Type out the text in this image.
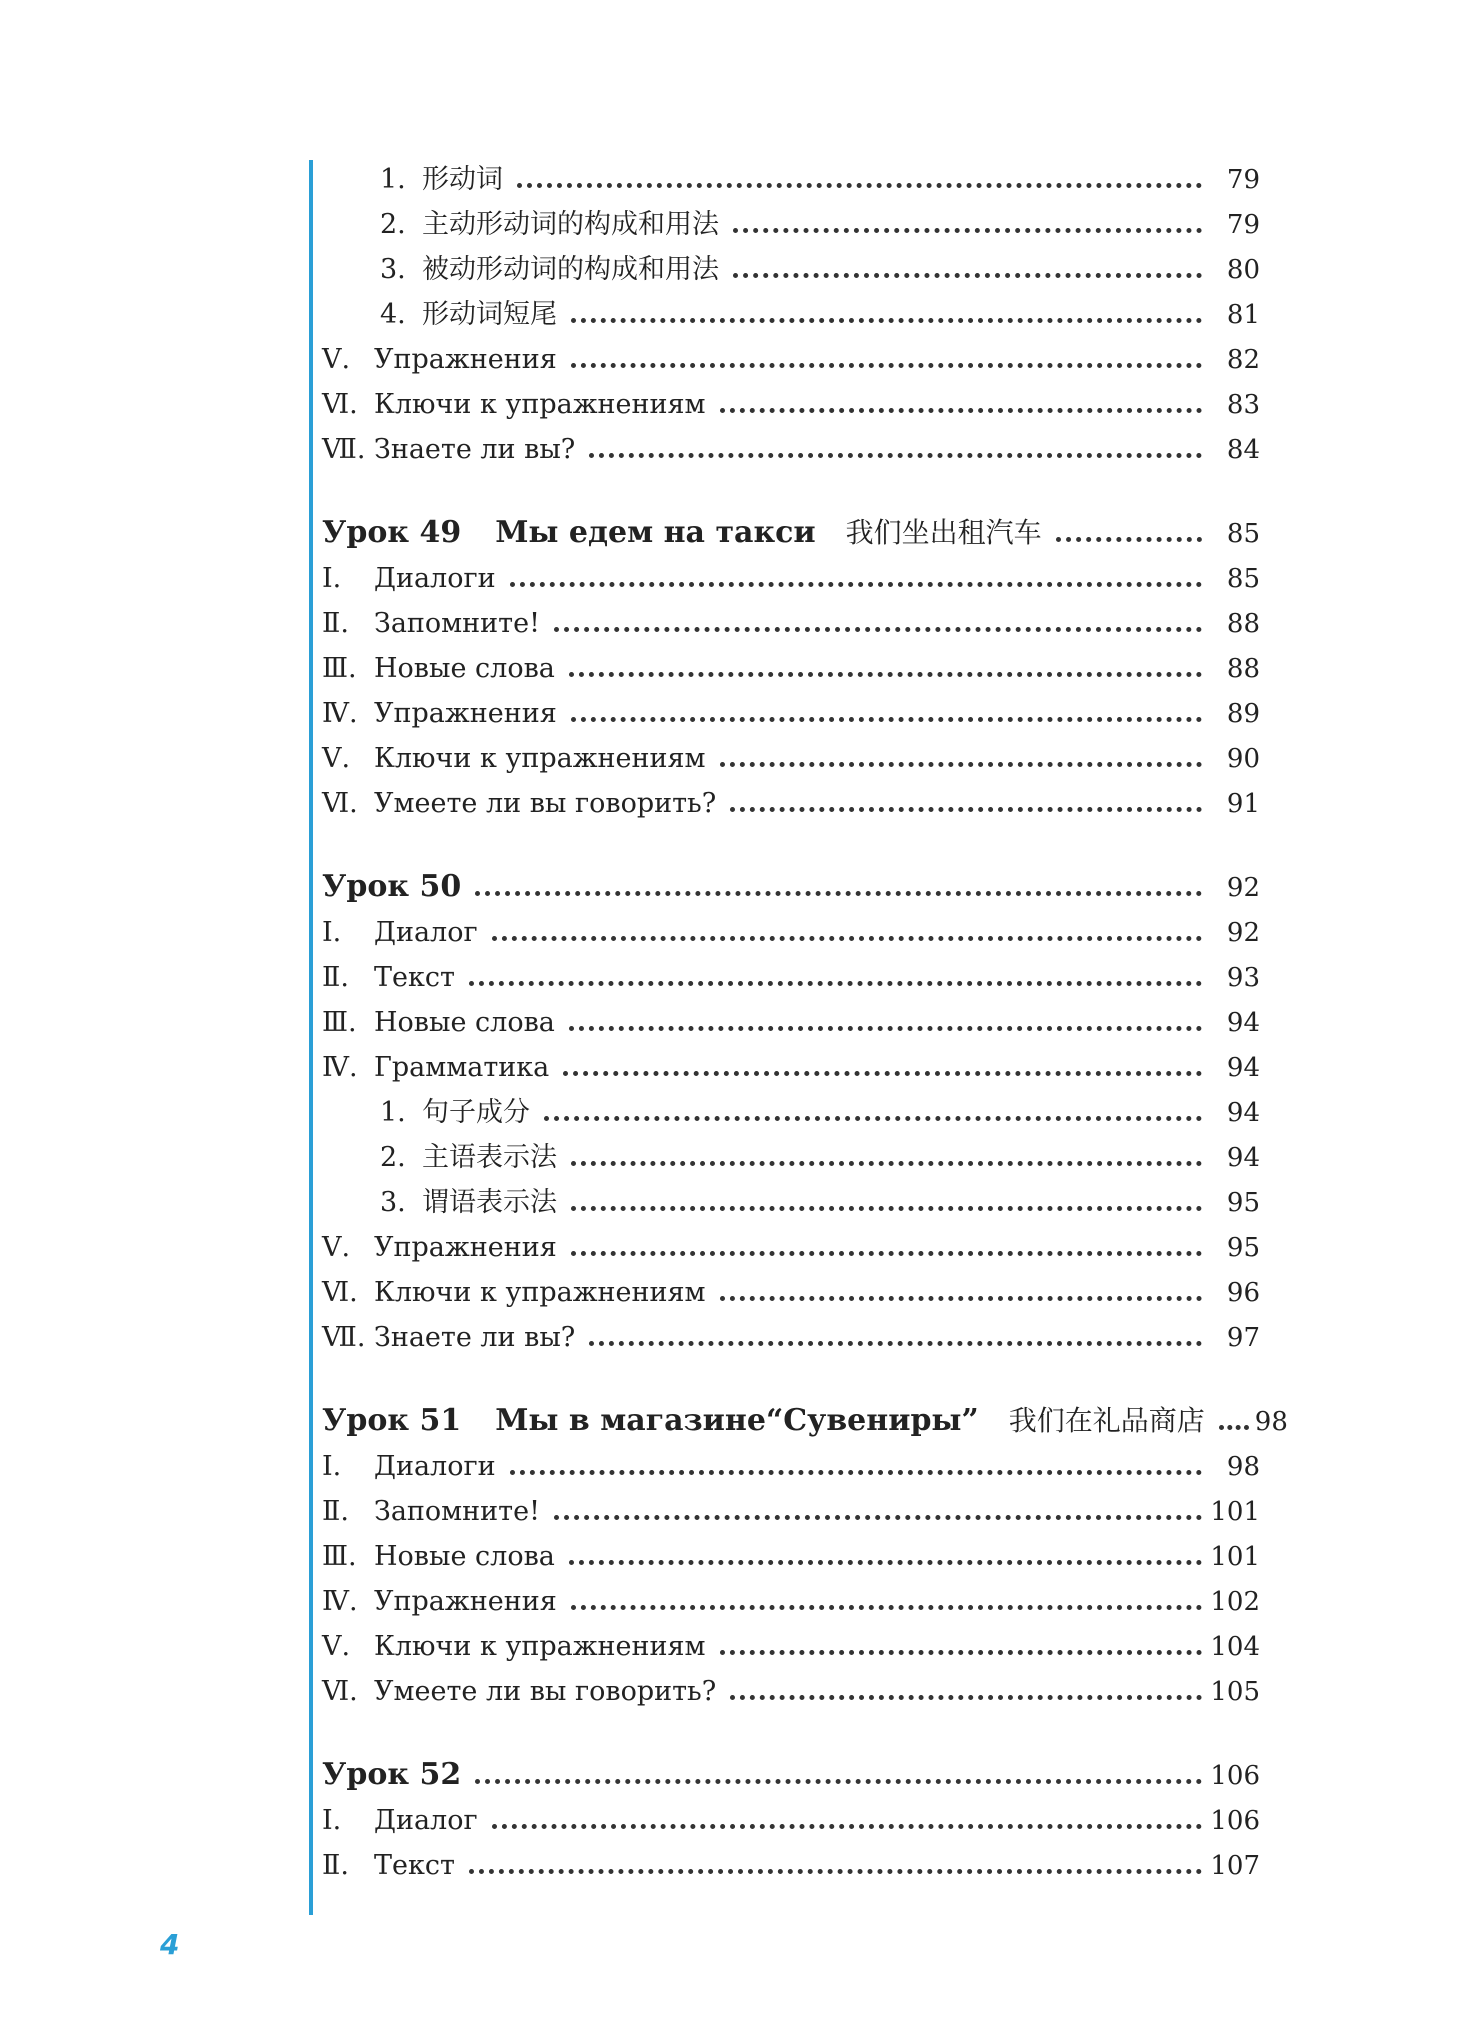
1. 形动词	79
2. 主动形动词的构成和用法	79
3. 被动形动词的构成和用法	80
4. 形动词短尾	81
Ⅴ. Упражнения	82
Ⅵ. Ключи к упражнениям	83
Ⅶ. Знаете ли вы?	84
Урок 49 Мы едем на такси 我们坐出租汽车	85
Ⅰ. Диалоги	85
Ⅱ. Запомните!	88
Ⅲ. Новые слова	88
Ⅳ. Упражнения	89
Ⅴ. Ключи к упражнениям	90
Ⅵ. Умеете ли вы говорить?	91
Урок 50	92
Ⅰ. Диалог	92
Ⅱ. Текст	93
Ⅲ. Новые слова	94
Ⅳ. Грамматика	94
1. 句子成分	94
2. 主语表示法	94
3. 谓语表示法	95
Ⅴ. Упражнения	95
Ⅵ. Ключи к упражнениям	96
Ⅶ. Знаете ли вы?	97
Урок 51 Мы в магазине“Сувениры” 我们在礼品商店 98
Ⅰ. Диалоги	98
Ⅱ. Запомните!	101
Ⅲ. Новые слова	101
Ⅳ. Упражнения	102
Ⅴ. Ключи к упражнениям	104
Ⅵ. Умеете ли вы говорить?	105
Урок 52	106
Ⅰ. Диалог	106
Ⅱ. Текст	107
4
